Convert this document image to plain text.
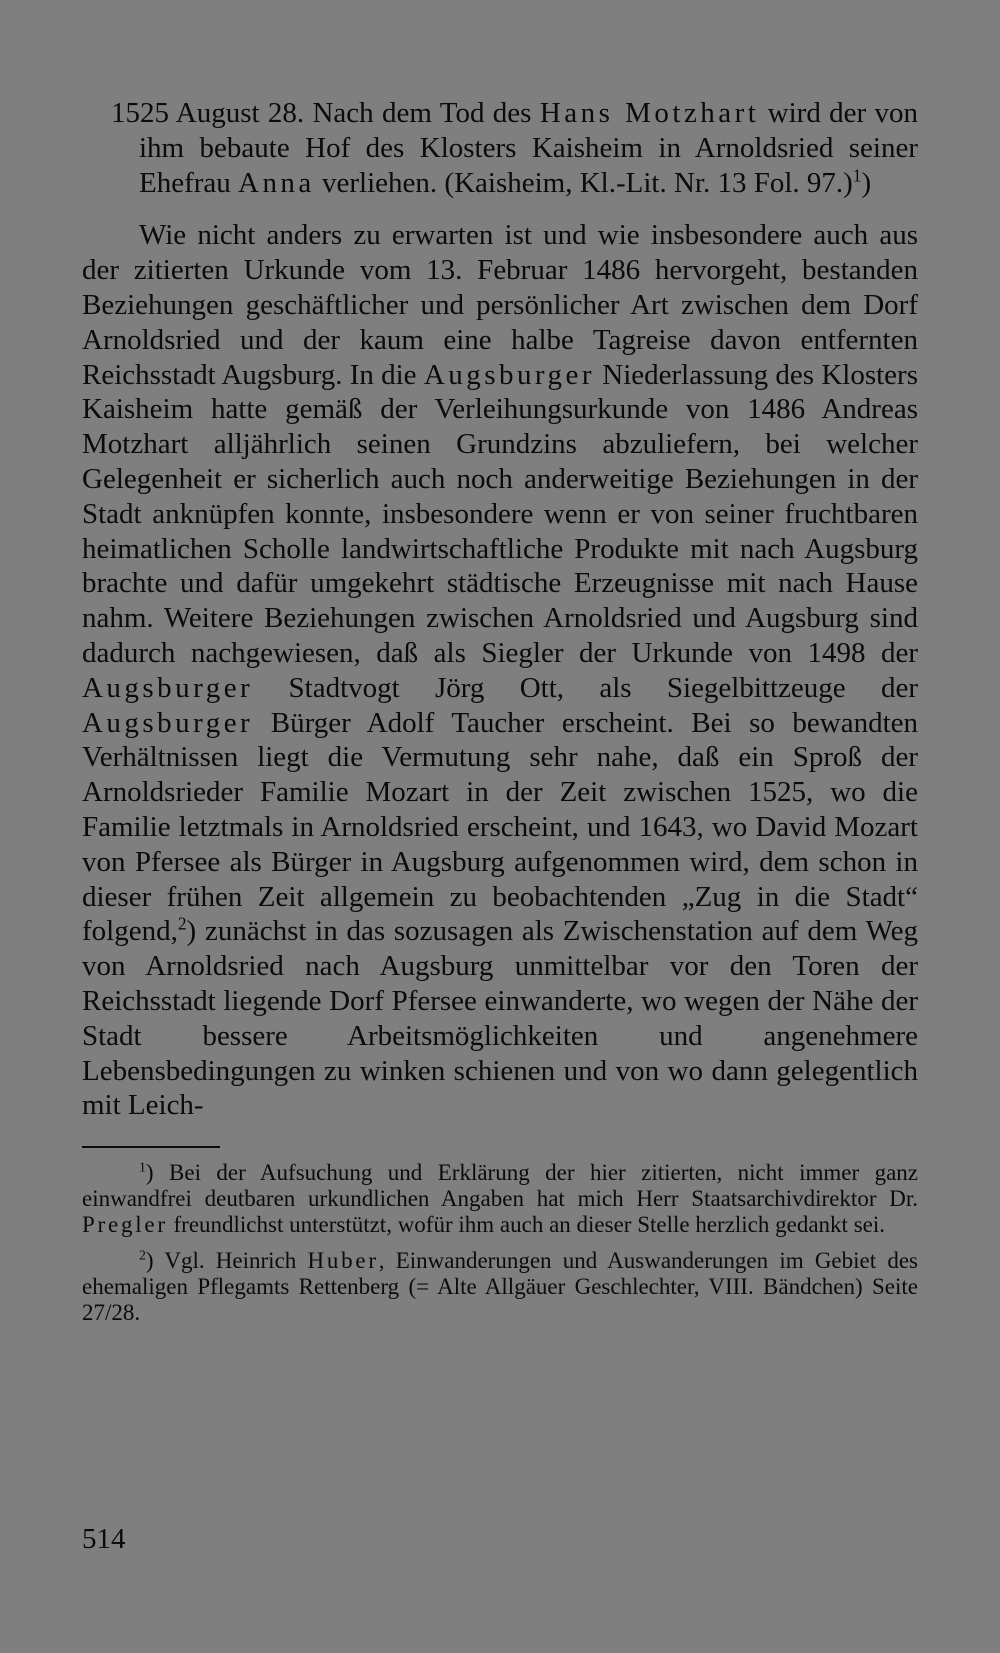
1525 August 28. Nach dem Tod des Hans Motzhart wird der von ihm bebaute Hof des Klosters Kaisheim in Arnoldsried seiner Ehefrau Anna verliehen. (Kaisheim, Kl.-Lit. Nr. 13 Fol. 97.)$^1$)

Wie nicht anders zu erwarten ist und wie insbesondere auch aus der zitierten Urkunde vom 13. Februar 1486 hervorgeht, bestanden Beziehungen geschäftlicher und persönlicher Art zwischen dem Dorf Arnoldsried und der kaum eine halbe Tagreise davon entfernten Reichsstadt Augsburg. In die Augsburger Niederlassung des Klosters Kaisheim hatte gemäß der Verleihungsurkunde von 1486 Andreas Motzhart alljährlich seinen Grundzins abzuliefern, bei welcher Gelegenheit er sicherlich auch noch anderweitige Beziehungen in der Stadt anknüpfen konnte, insbesondere wenn er von seiner fruchtbaren heimatlichen Scholle landwirtschaftliche Produkte mit nach Augsburg brachte und dafür umgekehrt städtische Erzeugnisse mit nach Hause nahm. Weitere Beziehungen zwischen Arnoldsried und Augsburg sind dadurch nachgewiesen, daß als Siegler der Urkunde von 1498 der Augsburger Stadtvogt Jörg Ott, als Siegelbittzeuge der Augsburger Bürger Adolf Taucher erscheint. Bei so bewandten Verhältnissen liegt die Vermutung sehr nahe, daß ein Sproß der Arnoldsrieder Familie Mozart in der Zeit zwischen 1525, wo die Familie letztmals in Arnoldsried erscheint, und 1643, wo David Mozart von Pfersee als Bürger in Augsburg aufgenommen wird, dem schon in dieser frühen Zeit allgemein zu beobachtenden „Zug in die Stadt“ folgend,$^2$) zunächst in das sozusagen als Zwischenstation auf dem Weg von Arnoldsried nach Augsburg unmittelbar vor den Toren der Reichsstadt liegende Dorf Pfersee einwanderte, wo wegen der Nähe der Stadt bessere Arbeitsmöglichkeiten und angenehmere Lebensbedingungen zu winken schienen und von wo dann gelegentlich mit Leich-

$^1$) Bei der Aufsuchung und Erklärung der hier zitierten, nicht immer ganz einwandfrei deutbaren urkundlichen Angaben hat mich Herr Staatsarchivdirektor Dr. Pregler freundlichst unterstützt, wofür ihm auch an dieser Stelle herzlich gedankt sei.

$^2$) Vgl. Heinrich Huber, Einwanderungen und Auswanderungen im Gebiet des ehemaligen Pflegamts Rettenberg (= Alte Allgäuer Geschlechter, VIII. Bändchen) Seite 27/28.

514
